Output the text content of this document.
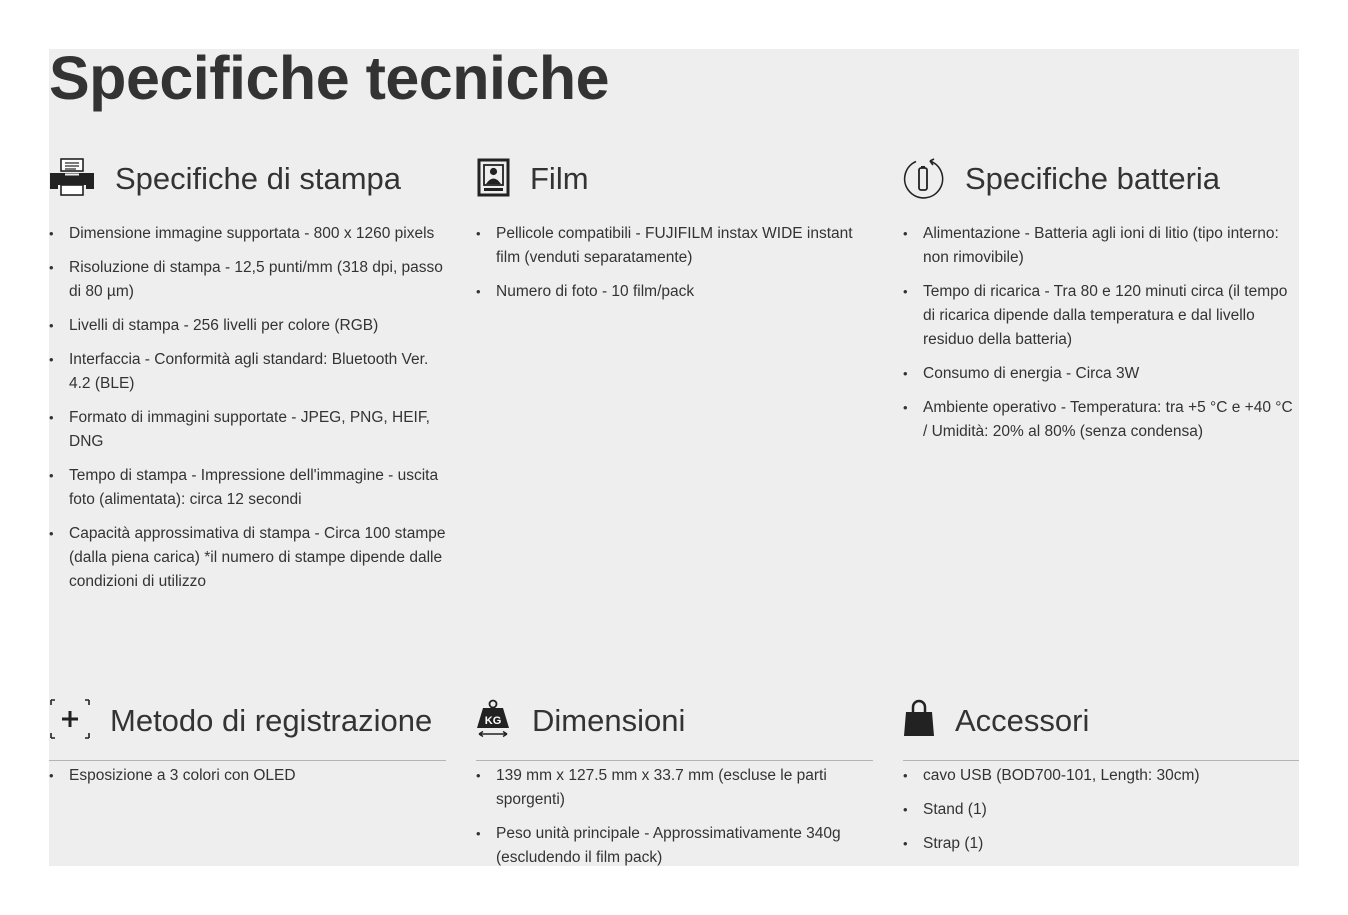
Specifiche tecniche
Specifiche di stampa
• Dimensione immagine supportata - 800 x 1260 pixels
• Risoluzione di stampa - 12,5 punti/mm (318 dpi, passo di 80 µm)
• Livelli di stampa - 256 livelli per colore (RGB)
• Interfaccia - Conformità agli standard: Bluetooth Ver. 4.2 (BLE)
• Formato di immagini supportate - JPEG, PNG, HEIF, DNG
• Tempo di stampa - Impressione dell'immagine - uscita foto (alimentata): circa 12 secondi
• Capacità approssimativa di stampa - Circa 100 stampe (dalla piena carica) *il numero di stampe dipende dalle condizioni di utilizzo
Film
• Pellicole compatibili - FUJIFILM instax WIDE instant film (venduti separatamente)
• Numero di foto - 10 film/pack
Specifiche batteria
• Alimentazione - Batteria agli ioni di litio (tipo interno: non rimovibile)
• Tempo di ricarica - Tra 80 e 120 minuti circa (il tempo di ricarica dipende dalla temperatura e dal livello residuo della batteria)
• Consumo di energia - Circa 3W
• Ambiente operativo - Temperatura: tra +5 °C e +40 °C / Umidità: 20% al 80% (senza condensa)
Metodo di registrazione
• Esposizione a 3 colori con OLED
KG Dimensioni
• 139 mm x 127.5 mm x 33.7 mm (escluse le parti sporgenti)
• Peso unità principale - Approssimativamente 340g (escludendo il film pack)
Accessori
• cavo USB (BOD700-101, Length: 30cm)
• Stand (1)
• Strap (1)
